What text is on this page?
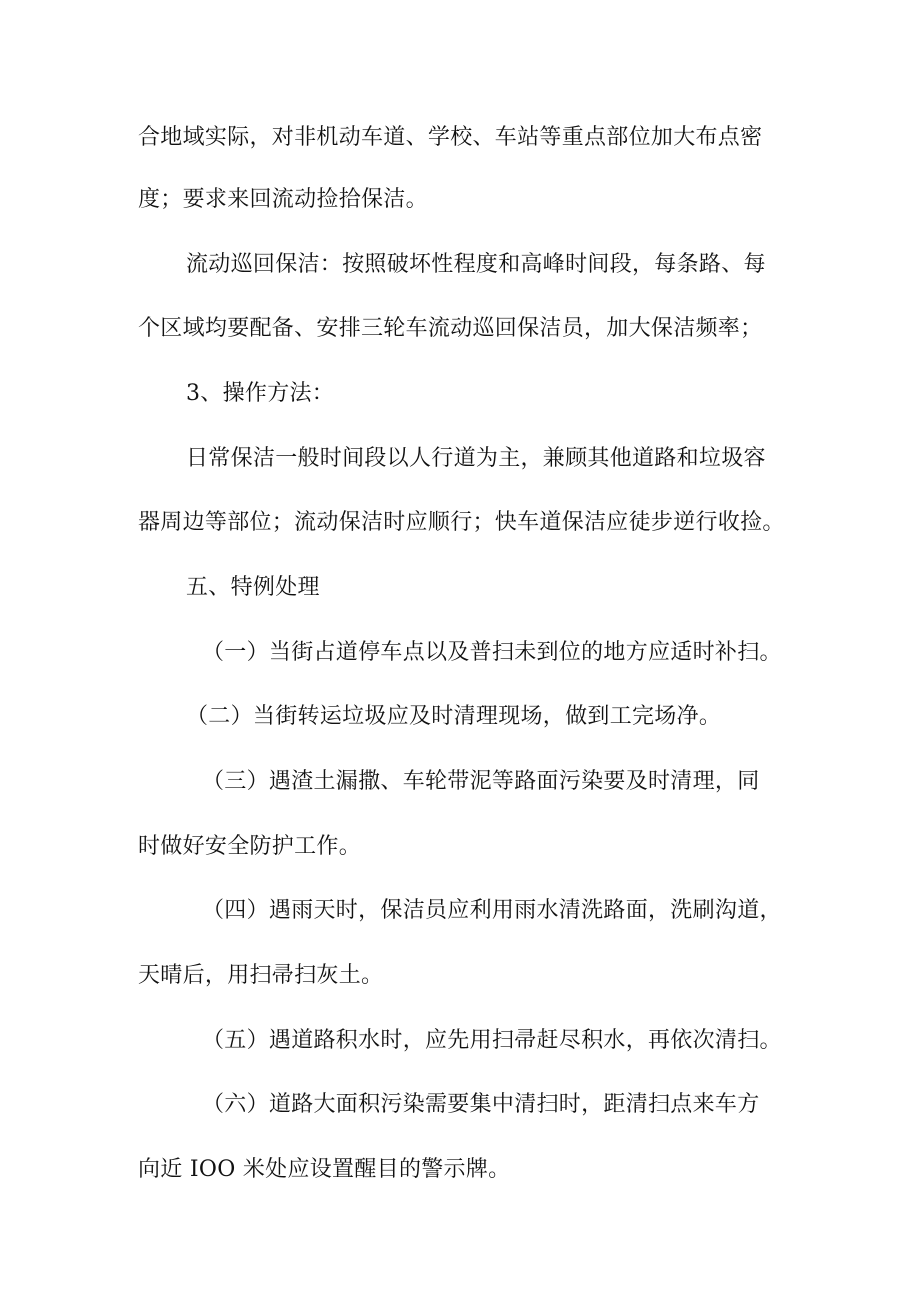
合地域实际，对非机动车道、学校、车站等重点部位加大布点密

度；要求来回流动捡拾保洁。

流动巡回保洁：按照破坏性程度和高峰时间段，每条路、每

个区域均要配备、安排三轮车流动巡回保洁员，加大保洁频率；

3、操作方法：

日常保洁一般时间段以人行道为主，兼顾其他道路和垃圾容

器周边等部位；流动保洁时应顺行；快车道保洁应徒步逆行收捡。

五、特例处理

（一）当街占道停车点以及普扫未到位的地方应适时补扫。

（二）当街转运垃圾应及时清理现场，做到工完场净。

（三）遇渣土漏撒、车轮带泥等路面污染要及时清理，同

时做好安全防护工作。

（四）遇雨天时，保洁员应利用雨水清洗路面，洗刷沟道，

天晴后，用扫帚扫灰土。

（五）遇道路积水时，应先用扫帚赶尽积水，再依次清扫。

（六）道路大面积污染需要集中清扫时，距清扫点来车方

向近 IOO 米处应设置醒目的警示牌。
